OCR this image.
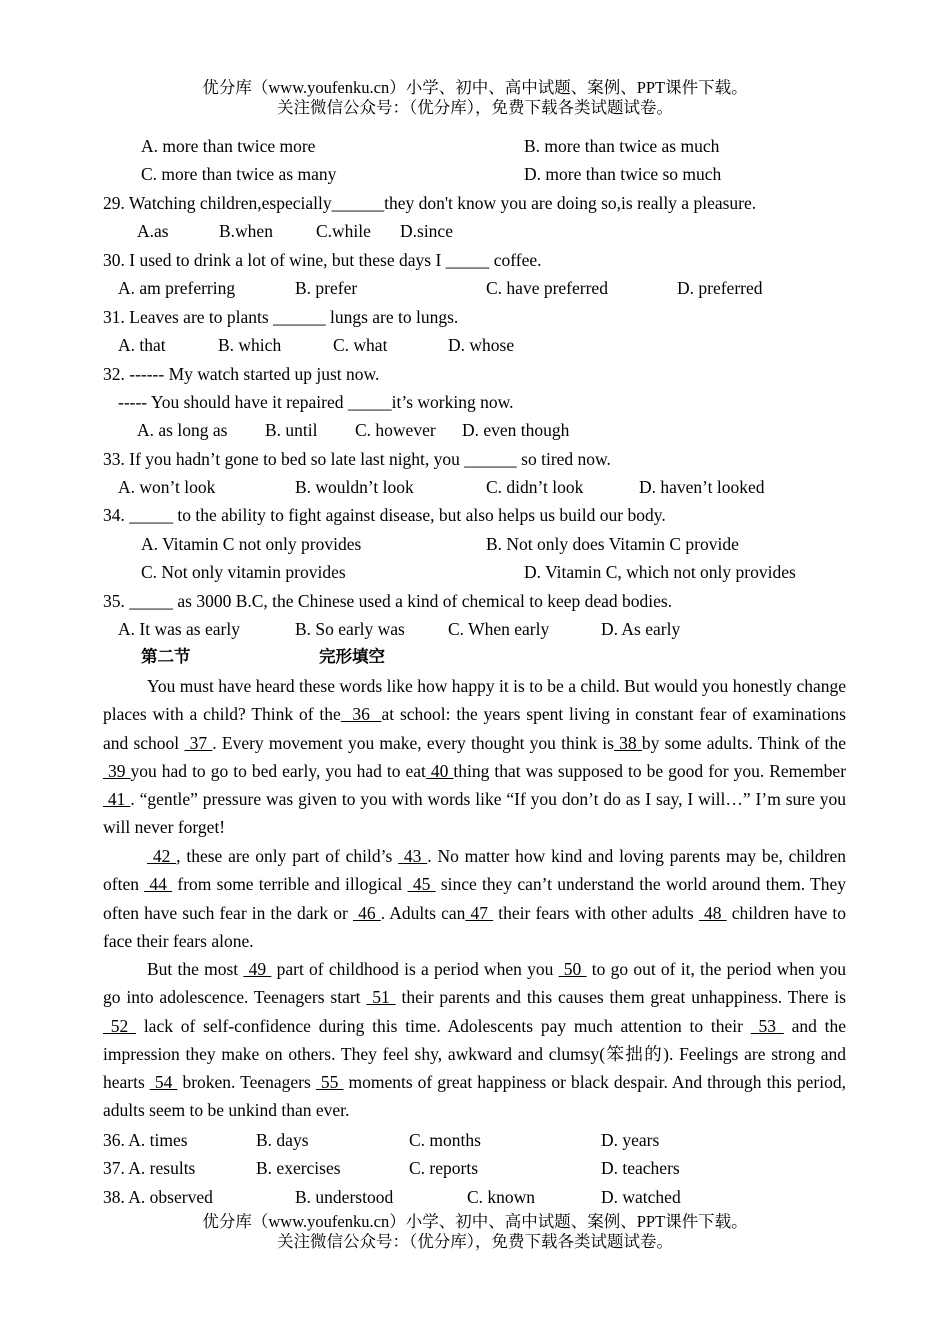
优分库（www.youfenku.cn）小学、初中、高中试题、案例、PPT课件下载。
关注微信公众号：（优分库），免费下载各类试题试卷。
A. more than twice more	B. more than twice as much
C. more than twice as many	D. more than twice so much
29. Watching children,especially______they don't know you are doing so,is really a pleasure.
A.as	B.when C.while D.since
30. I used to drink a lot of wine, but these days I _____ coffee.
A. am preferring	B. prefer	C. have preferred	D. preferred
31. Leaves are to plants ______ lungs are to lungs.
A. that	B. which	C. what	D. whose
32. ------ My watch started up just now.
----- You should have it repaired _____it’s working now.
A. as long as B. until C. however D. even though
33. If you hadn’t gone to bed so late last night, you ______ so tired now.
A. won’t look	B. wouldn’t look	C. didn’t look	D. haven’t looked
34. _____ to the ability to fight against disease, but also helps us build our body.
A. Vitamin C not only provides	B. Not only does Vitamin C provide
C. Not only vitamin provides	D. Vitamin C, which not only provides
35. _____ as 3000 B.C, the Chinese used a kind of chemical to keep dead bodies.
A. It was as early	B. So early was C. When early	D. As early
第二节	完形填空
You must have heard these words like how happy it is to be a child. But would you honestly change places with a child? Think of the  36  at school: the years spent living in constant fear of examinations and school  37 . Every movement you make, every thought you think is 38 by some adults. Think of the 39 you had to go to bed early, you had to eat 40 thing that was supposed to be good for you. Remember  41 . “gentle” pressure was given to you with words like “If you don’t do as I say, I will…” I’m sure you will never forget!
42 , these are only part of child’s  43 . No matter how kind and loving parents may be, children often  44  from some terrible and illogical  45  since they can’t understand the world around them. They often have such fear in the dark or  46 . Adults can 47  their fears with other adults  48  children have to face their fears alone.
But the most  49  part of childhood is a period when you  50  to go out of it, the period when you go into adolescence. Teenagers start  51  their parents and this causes them great unhappiness. There is  52  lack of self-confidence during this time. Adolescents pay much attention to their  53  and the impression they make on others. They feel shy, awkward and clumsy(笨拙的). Feelings are strong and hearts  54  broken. Teenagers  55  moments of great happiness or black despair. And through this period, adults seem to be unkind than ever.
36. A. times	B. days	C. months	D. years
37. A. results	B. exercises	C. reports	D. teachers
38. A. observed	B. understood	C. known	D. watched
优分库（www.youfenku.cn）小学、初中、高中试题、案例、PPT课件下载。
关注微信公众号：（优分库），免费下载各类试题试卷。
